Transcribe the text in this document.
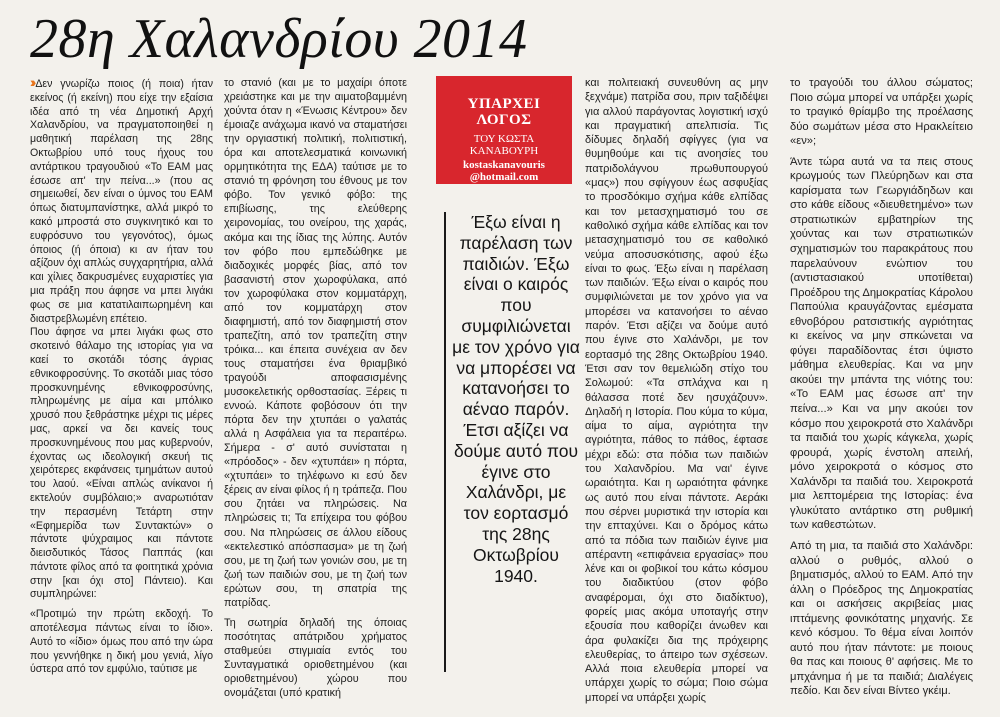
28η Χαλανδρίου 2014

›› Δεν γνωρίζω ποιος (ή ποια) ήταν εκείνος (ή εκείνη) που είχε την εξαίσια ιδέα από τη νέα Δημοτική Αρχή Χαλανδρίου, να πραγματοποιηθεί η μαθητική παρέλαση της 28ης Οκτωβρίου υπό τους ήχους του αντάρτικου τραγουδιού «Το ΕΑΜ μας έσωσε απ' την πείνα...» (που ας σημειωθεί, δεν είναι ο ύμνος του ΕΑΜ όπως διατυμπανίστηκε, αλλά μικρό το κακό μπροστά στο συγκινητικό και το ευφρόσυνο του γεγονότος), όμως όποιος (ή όποια) κι αν ήταν του αξίζουν όχι απλώς συγχαρητήρια, αλλά και χίλιες δακρυσμένες ευχαριστίες για μια πράξη που άφησε να μπει λιγάκι φως σε μια κατατιλαιπωρημένη και διαστρεβλωμένη επέτειο.

Που άφησε να μπει λιγάκι φως στο σκοτεινό θάλαμο της ιστορίας για να καεί το σκοτάδι τόσης άγριας εθνικοφροσύνης. Το σκοτάδι μιας τόσο προσκυνημένης εθνικοφροσύνης, πληρωμένης με αίμα και μπόλικο χρυσό που ξεθράστηκε μέχρι τις μέρες μας, αρκεί να δει κανείς τους προσκυνημένους που μας κυβερνούν, έχοντας ως ιδεολογική σκευή τις χειρότερες εκφάνσεις τμημάτων αυτού του λαού. «Είναι απλώς ανίκανοι ή εκτελούν συμβόλαιο;» αναρωτιόταν την περασμένη Τετάρτη στην «Εφημερίδα των Συντακτών» ο πάντοτε ψύχραιμος και πάντοτε διεισδυτικός Τάσος Παππάς (και πάντοτε φίλος από τα φοιτητικά χρόνια στην [και όχι στο] Πάντειο). Και συμπληρώνει:

«Προτιμώ την πρώτη εκδοχή. Το αποτέλεσμα πάντως είναι το ίδιο». Αυτό το «ίδιο» όμως που από την ώρα που γεννήθηκε η δική μου γενιά, λίγο ύστερα από τον εμφύλιο, ταύτισε με

το στανιό (και με το μαχαίρι όποτε χρειάστηκε και με την αιματοβαμμένη χούντα όταν η «Ένωσις Κέντρου» δεν έμοιαζε ανάχωμα ικανό να σταματήσει την οργιαστική πολιτική, πολιτιστική, όρα και αποτελεσματικά κοινωνική ορμητικότητα της ΕΔΑ) ταύτισε με το στανιό τη φρόνηση του έθνους με τον φόβο. Τον γενικό φόβο: της επιβίωσης, της ελεύθερης χειρονομίας, του ονείρου, της χαράς, ακόμα και της ίδιας της λύπης. Αυτόν τον φόβο που εμπεδώθηκε με διαδοχικές μορφές βίας, από τον βασανιστή στον χωροφύλακα, από τον χωροφύλακα στον κομματάρχη, από τον κομματάρχη στον διαφημιστή, από τον διαφημιστή στον τραπεζίτη, από τον τραπεζίτη στην τρόικα... και έπειτα συνέχεια αν δεν τους σταματήσει ένα θριαμβικό τραγούδι αποφασισμένης μυσοκελετικής ορθοστασίας. Ξέρεις τι εννοώ. Κάποτε φοβόσουν ότι την πόρτα δεν την χτυπάει ο γαλατάς αλλά η Ασφάλεια για τα περαιτέρω. Σήμερα - σ' αυτό συνίσταται η «πρόοδος» - δεν «χτυπάει» η πόρτα, «χτυπάει» το τηλέφωνο κι εσύ δεν ξέρεις αν είναι φίλος ή η τράπεζα. Που σου ζητάει να πληρώσεις. Να πληρώσεις τι; Τα επίχειρα του φόβου σου. Να πληρώσεις σε άλλου είδους «εκτελεστικό απόσπασμα» με τη ζωή σου, με τη ζωή των γονιών σου, με τη ζωή των παιδιών σου, με τη ζωή των ερώτων σου, τη σπατρία της πατρίδας.

Τη σωτηρία δηλαδή της όποιας ποσότητας απάτριδου χρήματος σταθμεύει στιγμιαία εντός του Συνταγματικά οριοθετημένου (και οριοθετημένου) χώρου που ονομάζεται (υπό κρατική

ΥΠΑΡΧΕΙ
ΛΟΓΟΣ
ΤΟΥ ΚΩΣΤΑ
ΚΑΝΑΒΟΥΡΗ
kostaskanavouris
@hotmail.com
Έξω είναι η παρέλαση των παιδιών. Έξω είναι ο καιρός που συμφιλιώνεται με τον χρόνο για να μπορέσει να κατανοήσει το αέναο παρόν. Έτσι αξίζει να δούμε αυτό που έγινε στο Χαλάνδρι, με τον εορτασμό της 28ης Οκτωβρίου 1940.

και πολιτειακή συνευθύνη ας μην ξεχνάμε) πατρίδα σου, πριν ταξιδέψει για αλλού παράγοντας λογιστική ισχύ και πραγματική απελπισία. Τις δίδυμες δηλαδή σφίγγες (για να θυμηθούμε και τις ανοησίες του πατριδολάγνου πρωθυπουργού «μας») που σφίγγουν έως ασφυξίας το προσδόκιμο σχήμα κάθε ελπίδας και τον μετασχηματισμό του σε καθολικό σχήμα κάθε ελπίδας και τον μετασχηματισμό του σε καθολικό νεύμα αποσυσκότισης, αφού έξω είναι το φως. Έξω είναι η παρέλαση των παιδιών. Έξω είναι ο καιρός που συμφιλιώνεται με τον χρόνο για να μπορέσει να κατανοήσει το αέναο παρόν. Έτσι αξίζει να δούμε αυτό που έγινε στο Χαλάνδρι, με τον εορτασμό της 28ης Οκτωβρίου 1940. Έτσι σαν τον θεμελιώδη στίχο του Σολωμού: «Τα σπλάχνα και η θάλασσα ποτέ δεν ησυχάζουν». Δηλαδή η Ιστορία. Που κύμα το κύμα, αίμα το αίμα, αγριότητα την αγριότητα, πάθος το πάθος, έφτασε μέχρι εδώ: στα πόδια των παιδιών του Χαλανδρίου. Μα ναι' έγινε ωραιότητα. Και η ωραιότητα φάνηκε ως αυτό που είναι πάντοτε. Αεράκι που σέρνει μυριστικά την ιστορία και την επταχύνει. Και ο δρόμος κάτω από τα πόδια των παιδιών έγινε μια απέραντη «επιφάνεια εργασίας» που λένε και οι φοβικοί του κάτω κόσμου του διαδικτύου (στον φόβο αναφέρομαι, όχι στο διαδίκτυο), φορείς μιας ακόμα υποταγής στην εξουσία που καθορίζει άνωθεν και άρα φυλακίζει δια της πρόχειρης ελευθερίας, το άπειρο των σχέσεων. Αλλά ποια ελευθερία μπορεί να υπάρχει χωρίς το σώμα; Ποιο σώμα μπορεί να υπάρξει χωρίς

το τραγούδι του άλλου σώματος; Ποιο σώμα μπορεί να υπάρξει χωρίς το τραγικό θρίαμβο της προέλασης δύο σωμάτων μέσα στο Ηρακλείτειο «εν»;

Άντε τώρα αυτά να τα πεις στους κρωγμούς των Πλεύρηδων και στα καρίσματα των Γεωργιάδηδων και στο κάθε είδους «διευθετημένο» των στρατιωτικών εμβατηρίων της χούντας και των στρατιωτικών σχηματισμών του παρακράτους που παρελαύνουν ενώπιον του (αντιστασιακού υποτίθεται) Προέδρου της Δημοκρατίας Κάρολου Παπούλια κραυγάζοντας εμέσματα εθνοβόρου ρατσιστικής αγριότητας κι εκείνος να μην σπκώνεται να φύγει παραδίδοντας έτσι ύψιστο μάθημα ελευθερίας. Και να μην ακούει την μπάντα της νιότης του: «Το ΕΑΜ μας έσωσε απ' την πείνα...» Και να μην ακούει τον κόσμο που χειροκροτά στο Χαλάνδρι τα παιδιά του χωρίς κάγκελα, χωρίς φρουρά, χωρίς ένστολη απειλή, μόνο χειροκροτά ο κόσμος στο Χαλάνδρι τα παιδιά του. Χειροκροτά μια λεπτομέρεια της Ιστορίας: ένα γλυκύτατο αντάρτικο στη ρυθμική των καθεστώτων.

Από τη μια, τα παιδιά στο Χαλάνδρι: αλλού ο ρυθμός, αλλού ο βηματισμός, αλλού το ΕΑΜ. Από την άλλη ο Πρόεδρος της Δημοκρατίας και οι ασκήσεις ακριβείας μιας ιπτάμενης φονικότατης μηχανής. Σε κενό κόσμου. Το θέμα είναι λοιπόν αυτό που ήταν πάντοτε: με ποιους θα πας και ποιους θ' αφήσεις. Με το μπχάνημα ή με τα παιδιά; Διαλέγεις πεδίο. Και δεν είναι Βίντεο γκέιμ.
